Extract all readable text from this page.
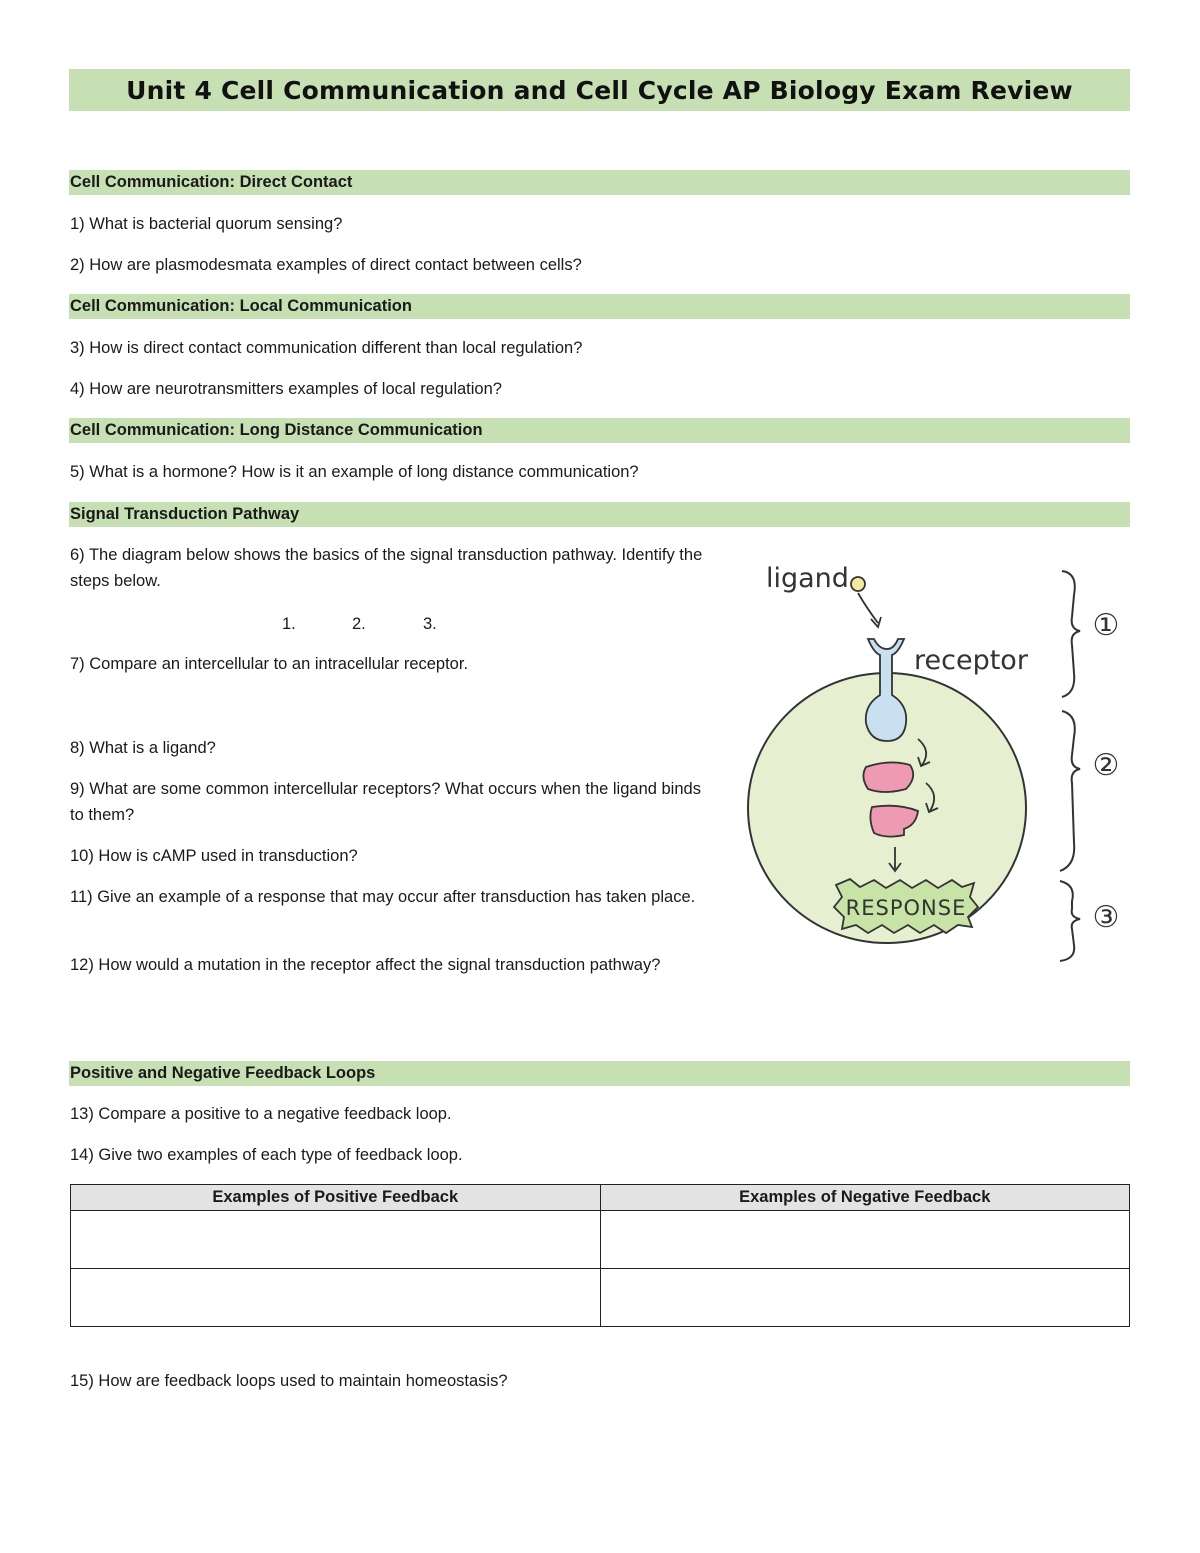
Unit 4 Cell Communication and Cell Cycle AP Biology Exam Review
Cell Communication: Direct Contact
1) What is bacterial quorum sensing?
2) How are plasmodesmata examples of direct contact between cells?
Cell Communication: Local Communication
3) How is direct contact communication different than local regulation?
4) How are neurotransmitters examples of local regulation?
Cell Communication: Long Distance Communication
5) What is a hormone? How is it an example of long distance communication?
Signal Transduction Pathway
6) The diagram below shows the basics of the signal transduction pathway. Identify the steps below.
1.	2.	3.
7) Compare an intercellular to an intracellular receptor.
8) What is a ligand?
9) What are some common intercellular receptors? What occurs when the ligand binds to them?
10) How is cAMP used in transduction?
11) Give an example of a response that may occur after transduction has taken place.
12) How would a mutation in the receptor affect the signal transduction pathway?
ligand
receptor
RESPONSE
①
②
③
Positive and Negative Feedback Loops
13) Compare a positive to a negative feedback loop.
14) Give two examples of each type of feedback loop.
Examples of Positive Feedback	Examples of Negative Feedback

15) How are feedback loops used to maintain homeostasis?
